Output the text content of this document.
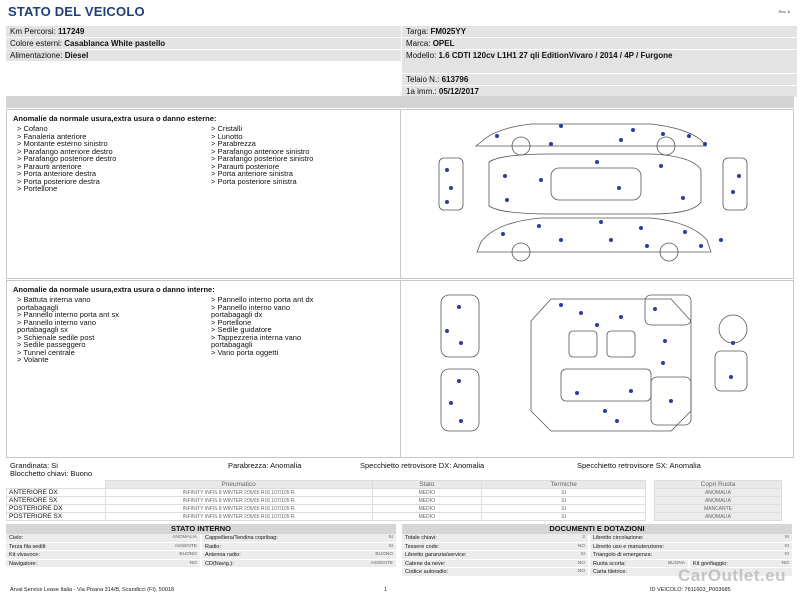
STATO DEL VEICOLO	Rev. A
Km Percorsi: 117249
Colore esterni: Casablanca White pastello
Alimentazione: Diesel
Targa: FM025YY
Marca: OPEL
Modello: 1.6 CDTI 120cv L1H1 27 qli EditionVivaro / 2014 / 4P / Furgone
Telaio N.: 613796
1a imm.: 05/12/2017
Anomalie da normale usura,extra usura o danno esterne:
> Cofano
> Fanaleria anteriore
> Montante esterno sinistro
> Parafango anteriore destro
> Parafango posteriore destro
> Paraurti anteriore
> Porta anteriore destra
> Porta posteriore destra
> Portellone
> Cristalli
> Lunotto
> Parabrezza
> Parafango anteriore sinistro
> Parafango posteriore sinistro
> Paraurti posteriore
> Porta anteriore sinistra
> Porta posteriore sinistra
Anomalie da normale usura,extra usura o danno interne:
> Battuta interna vano
portabagagli
> Pannello interno porta ant sx
> Pannello interno vano
portabagagli sx
> Schienale sedile post
> Sedile passeggero
> Tunnel centrale
> Volante
> Pannello interno porta ant dx
> Pannello interno vano
portabagagli dx
> Portellone
> Sedile guidatore
> Tappezzeria interna vano
portabagagli
> Vano porta oggetti
Grandinata: Si
Blocchetto chiavi: Buono
Parabrezza: Anomalia	Specchietto retrovisore DX: Anomalia	Specchietto retrovisore SX: Anomalia
	Pneumatico	Stato	Termiche		Copri Ruota
ANTERIORE DX	INFINITY INFIS 8 WINTER 205/65 R16 107/105 R	MEDIO	SI		ANOMALIA
ANTERIORE SX	INFINITY INFIS 8 WINTER 205/65 R16 107/105 R	MEDIO	SI		ANOMALIA
POSTERIORE DX	INFINITY INFIS 8 WINTER 205/65 R16 107/105 R	MEDIO	SI		MANCANTE
POSTERIORE SX	INFINITY INFIS 8 WINTER 205/65 R16 107/105 R	MEDIO	SI		ANOMALIA
STATO INTERNO
Cielo:	ANOMALIA	Cappelliera/Tendina copribag:	SI
Terza fila sedili:	ASSENTE	Radio:	SI
Kit vivavoce:	BUONO	Antenna radio:	BUONO
Navigatore:	NO	CD(Navig.):	ASSENTE
DOCUMENTI E DOTAZIONI
Totale chiavi:	2	Libretto circolazione:	SI
Tessere code:	NO	Libretto uso e manutenzione:	SI
Libretto garanzia/service:	SI	Triangolo di emergenza:	SI
Catene da neve:	NO	Ruota scorta:	BUONA	Kit gonfiaggio:	NO
Codice autoradio:	NO	Carta tiletrice:	CarOutlet.eu
Arval Service Lease Italia - Via Pisana 314/B, Scandicci (FI), 50018	1	ID VEICOLO: 7611603_P003685
